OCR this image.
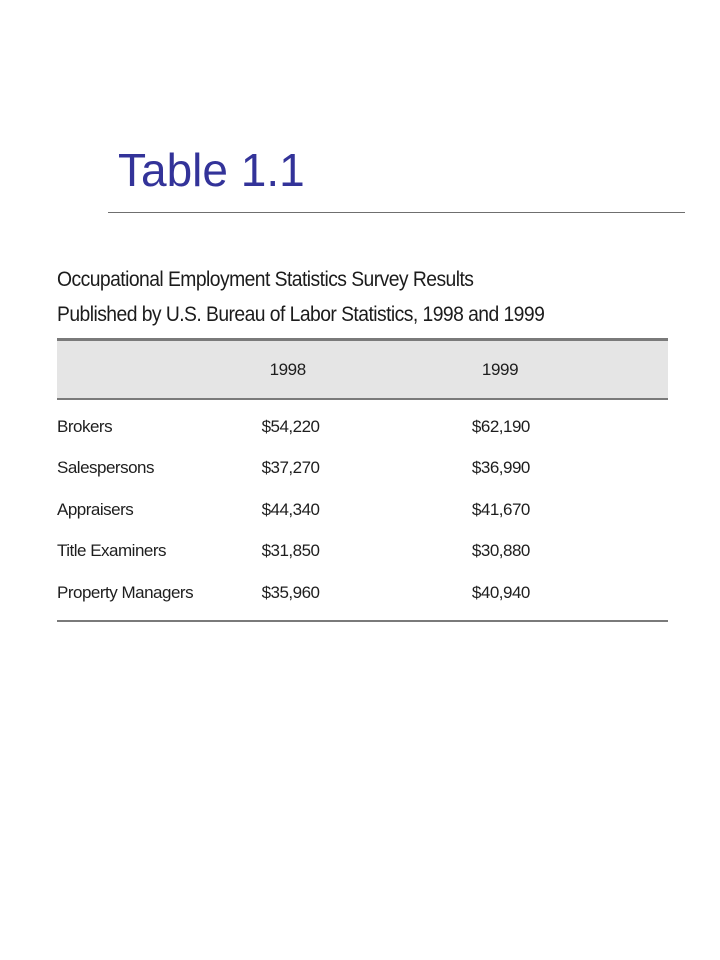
Table 1.1
Occupational Employment Statistics Survey Results
Published by U.S. Bureau of Labor Statistics, 1998 and 1999
	1998	1999
Brokers	$54,220	$62,190
Salespersons	$37,270	$36,990
Appraisers	$44,340	$41,670
Title Examiners	$31,850	$30,880
Property Managers	$35,960	$40,940
